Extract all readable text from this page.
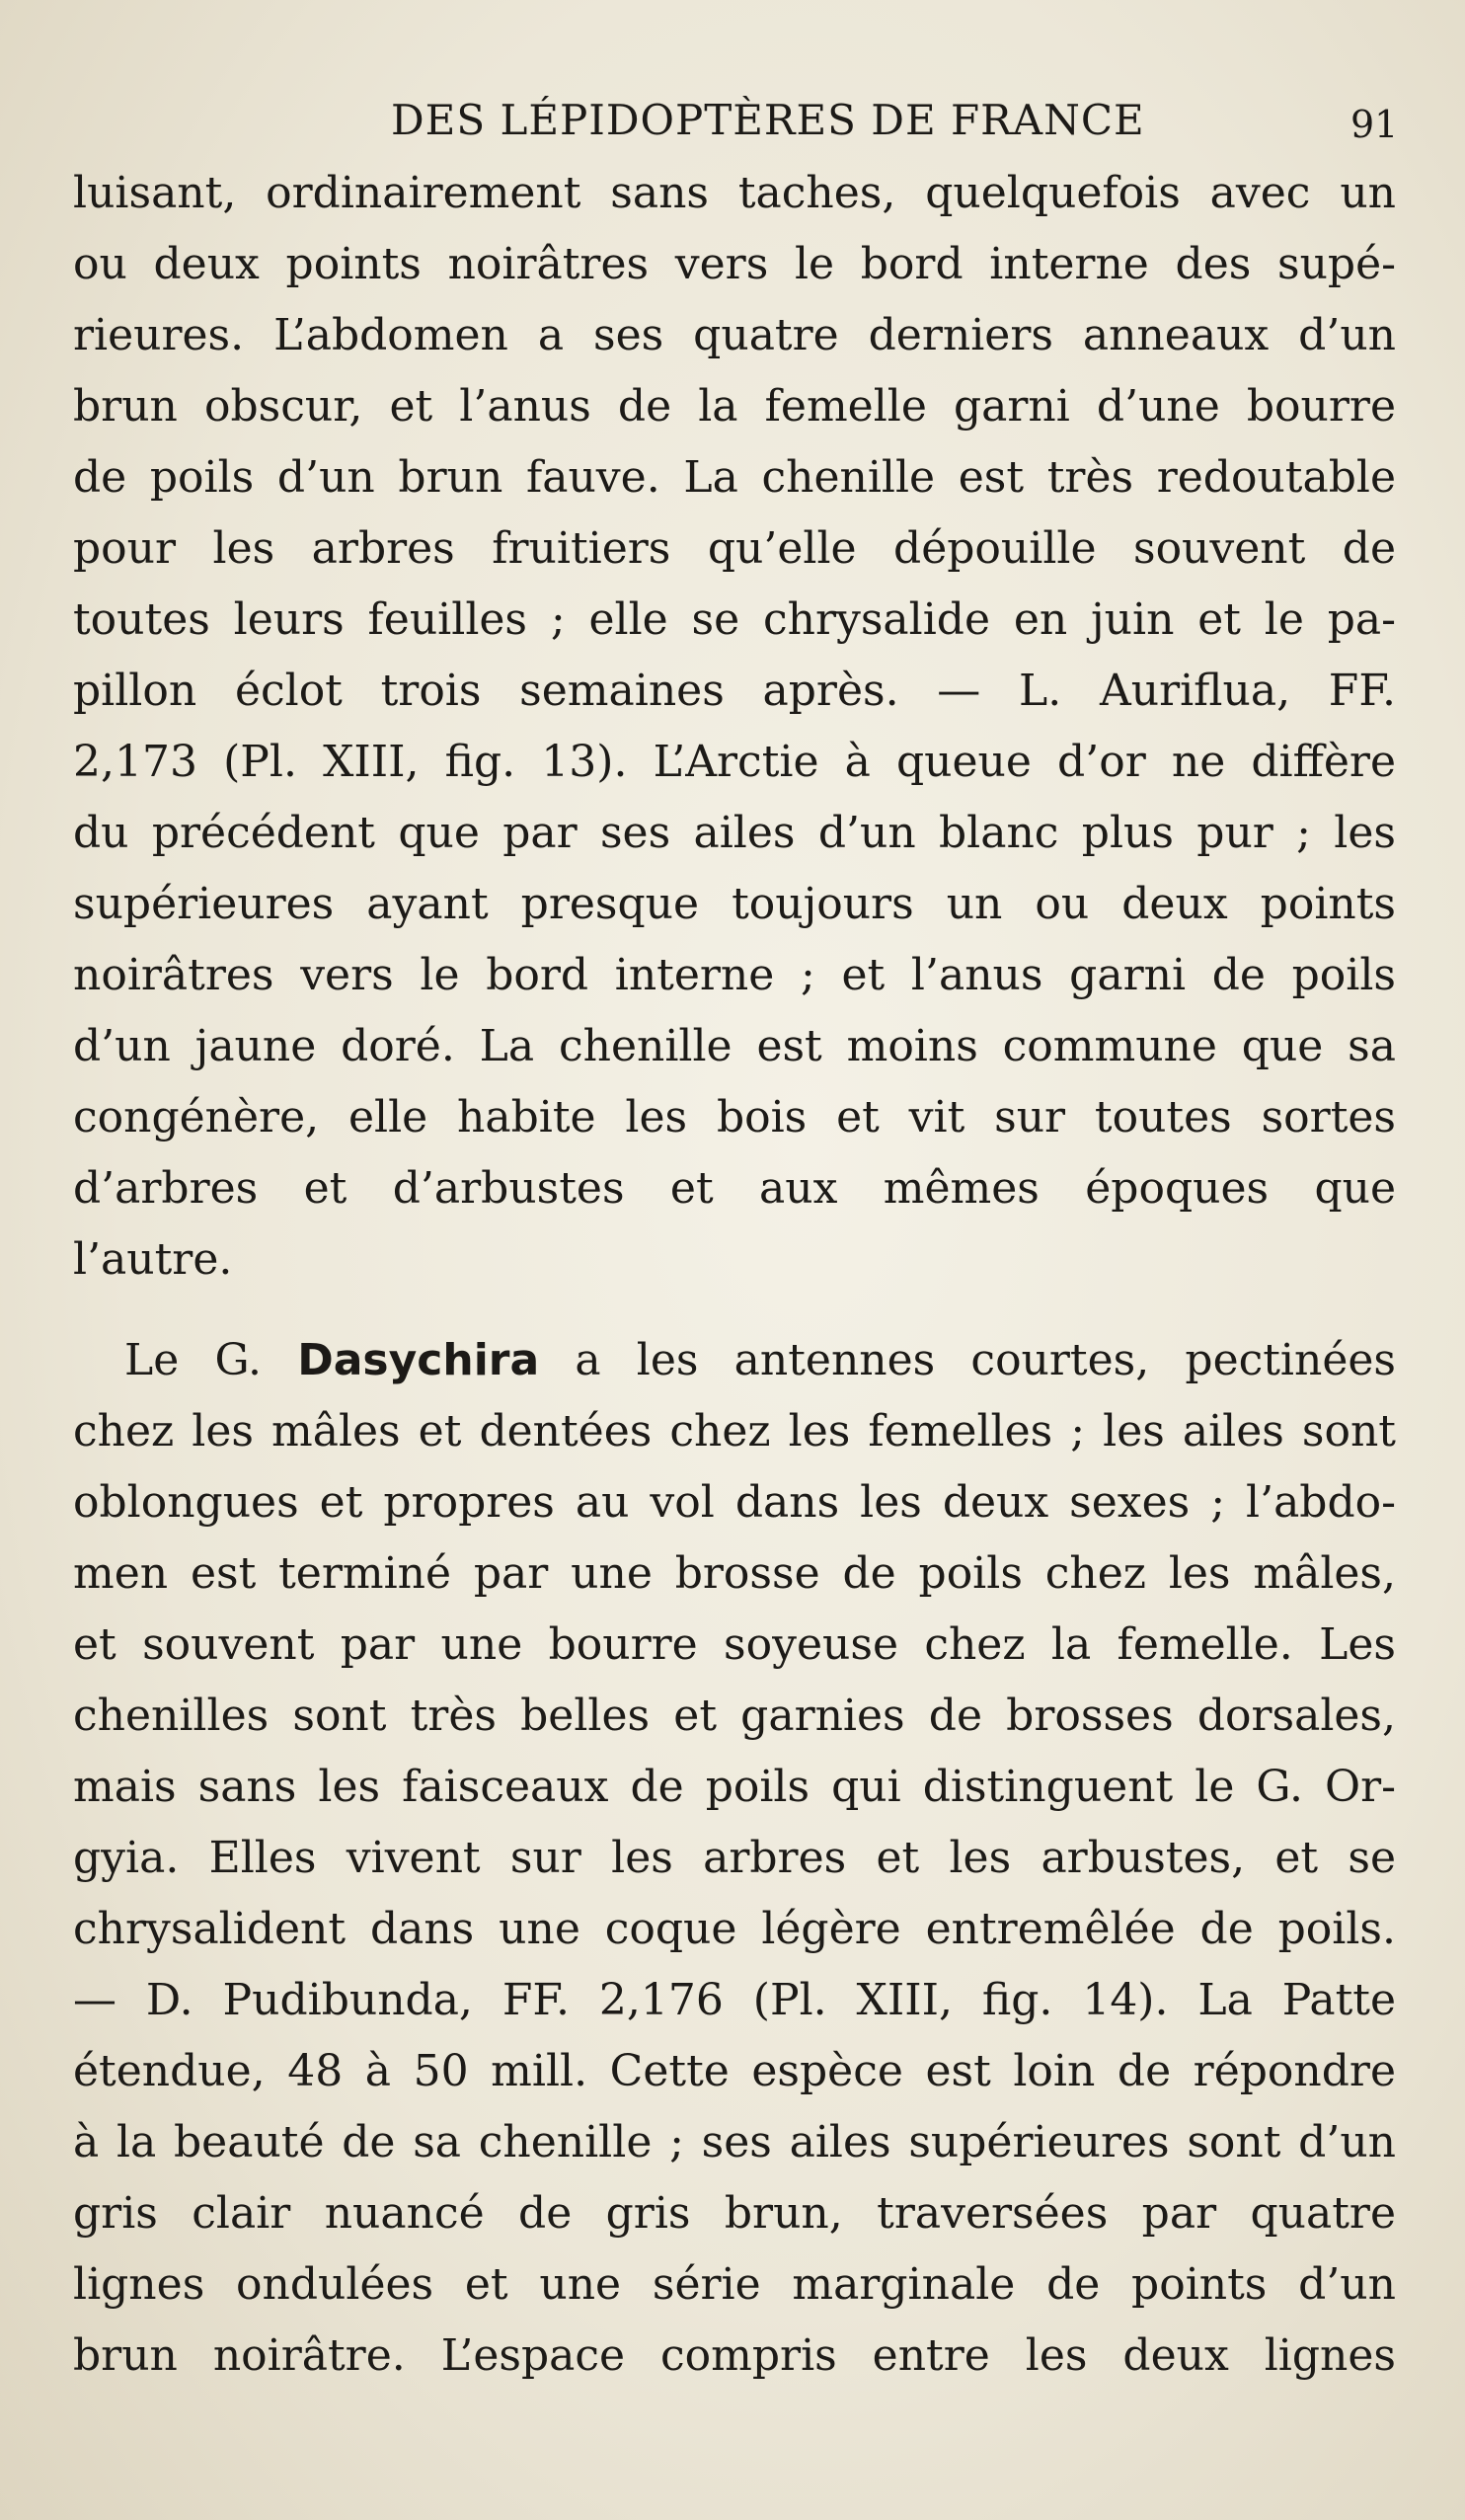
DES LÉPIDOPTÈRES DE FRANCE	91
luisant, ordinairement sans taches, quelquefois avec un
ou deux points noirâtres vers le bord interne des supé-
rieures. L’abdomen a ses quatre derniers anneaux d’un
brun obscur, et l’anus de la femelle garni d’une bourre
de poils d’un brun fauve. La chenille est très redoutable
pour les arbres fruitiers qu’elle dépouille souvent de
toutes leurs feuilles ; elle se chrysalide en juin et le pa-
pillon éclot trois semaines après. — L. Auriflua, FF.
2,173 (Pl. XIII, fig. 13). L’Arctie à queue d’or ne diffère
du précédent que par ses ailes d’un blanc plus pur ; les
supérieures ayant presque toujours un ou deux points
noirâtres vers le bord interne ; et l’anus garni de poils
d’un jaune doré. La chenille est moins commune que sa
congénère, elle habite les bois et vit sur toutes sortes
d’arbres et d’arbustes et aux mêmes époques que
l’autre.
Le G. Dasychira a les antennes courtes, pectinées
chez les mâles et dentées chez les femelles ; les ailes sont
oblongues et propres au vol dans les deux sexes ; l’abdo-
men est terminé par une brosse de poils chez les mâles,
et souvent par une bourre soyeuse chez la femelle. Les
chenilles sont très belles et garnies de brosses dorsales,
mais sans les faisceaux de poils qui distinguent le G. Or-
gyia. Elles vivent sur les arbres et les arbustes, et se
chrysalident dans une coque légère entremêlée de poils.
— D. Pudibunda, FF. 2,176 (Pl. XIII, fig. 14). La Patte
étendue, 48 à 50 mill. Cette espèce est loin de répondre
à la beauté de sa chenille ; ses ailes supérieures sont d’un
gris clair nuancé de gris brun, traversées par quatre
lignes ondulées et une série marginale de points d’un
brun noirâtre. L’espace compris entre les deux lignes
